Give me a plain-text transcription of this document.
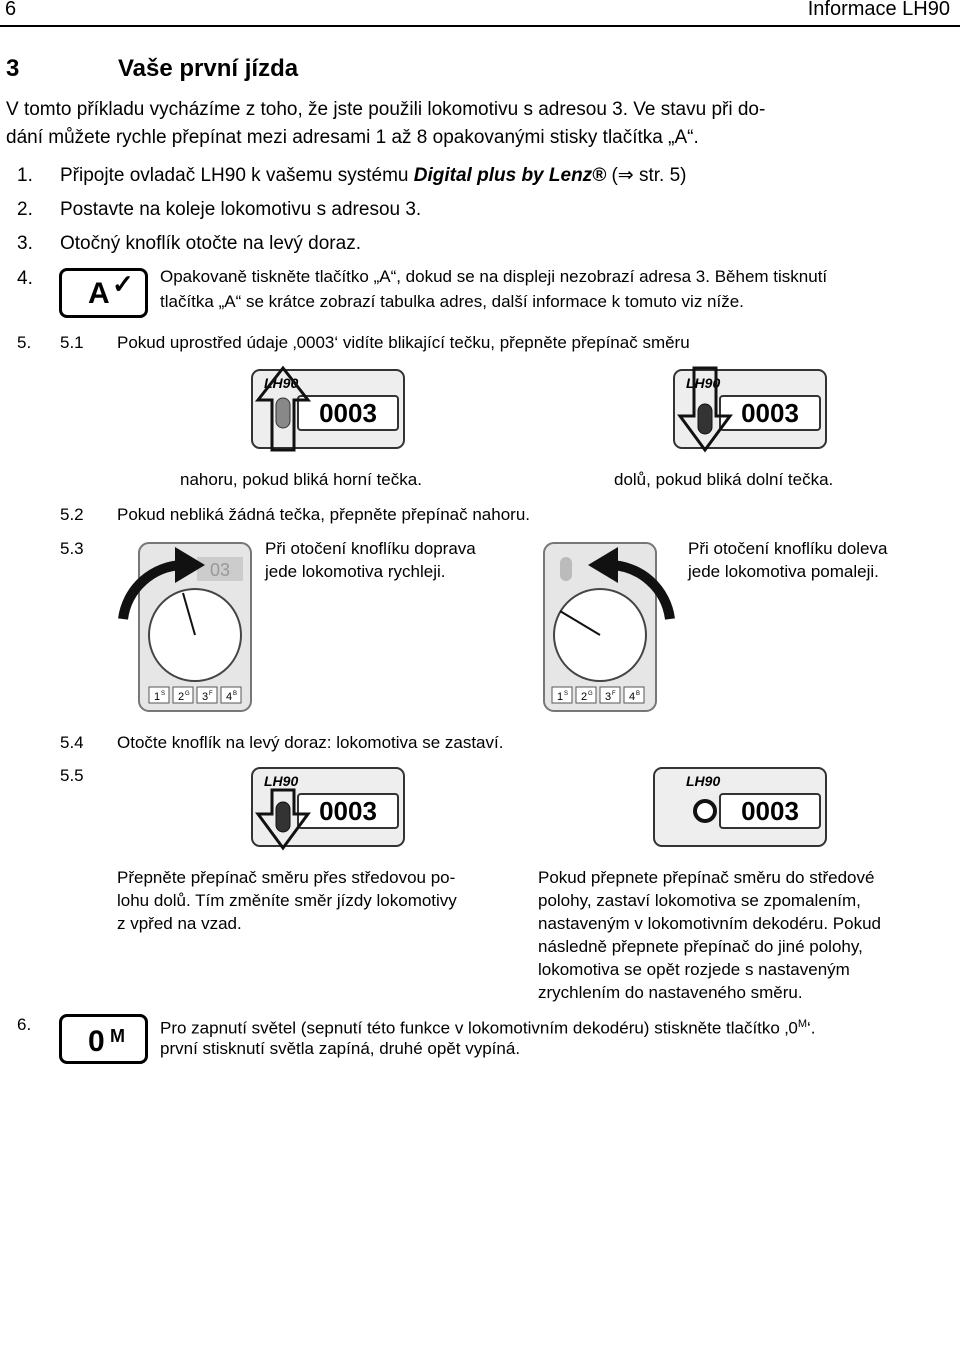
6	Informace LH90
3	Vaše první jízda
V tomto příkladu vycházíme z toho, že jste použili lokomotivu s adresou 3. Ve stavu při do-
dání můžete rychle přepínat mezi adresami 1 až 8 opakovanými stisky tlačítka „A“.
1. Připojte ovladač LH90 k vašemu systému Digital plus by Lenz® (⇒ str. 5)
2. Postavte na koleje lokomotivu s adresou 3.
3. Otočný knoflík otočte na levý doraz.
4. A ✓ Opakovaně tiskněte tlačítko „A“, dokud se na displeji nezobrazí adresa 3. Během tisknutí
tlačítka „A“ se krátce zobrazí tabulka adres, další informace k tomuto viz níže.
5. 5.1 Pokud uprostřed údaje ‚0003‘ vidíte blikající tečku, přepněte přepínač směru
LH90
0003
LH90
0003
nahoru, pokud bliká horní tečka.	dolů, pokud bliká dolní tečka.
5.2 Pokud nebliká žádná tečka, přepněte přepínač nahoru.
5.3
03
1 S 2 G 3 F 4 B
Při otočení knoflíku doprava
jede lokomotiva rychleji.
1 S 2 G 3 F 4 B
Při otočení knoflíku doleva
jede lokomotiva pomaleji.
5.4 Otočte knoflík na levý doraz: lokomotiva se zastaví.
5.5	LH90
0003
LH90
0003
Přepněte přepínač směru přes středovou po-
lohu dolů. Tím změníte směr jízdy lokomotivy
z vpřed na vzad.
Pokud přepnete přepínač směru do středové
polohy, zastaví lokomotiva se zpomalením,
nastaveným v lokomotivním dekodéru. Pokud
následně přepnete přepínač do jiné polohy,
lokomotiva se opět rozjede s nastaveným
zrychlením do nastaveného směru.
6.
0 M Pro zapnutí světel (sepnutí této funkce v lokomotivním dekodéru) stiskněte tlačítko $‚0^M‘$.
první stisknutí světla zapíná, druhé opět vypíná.
